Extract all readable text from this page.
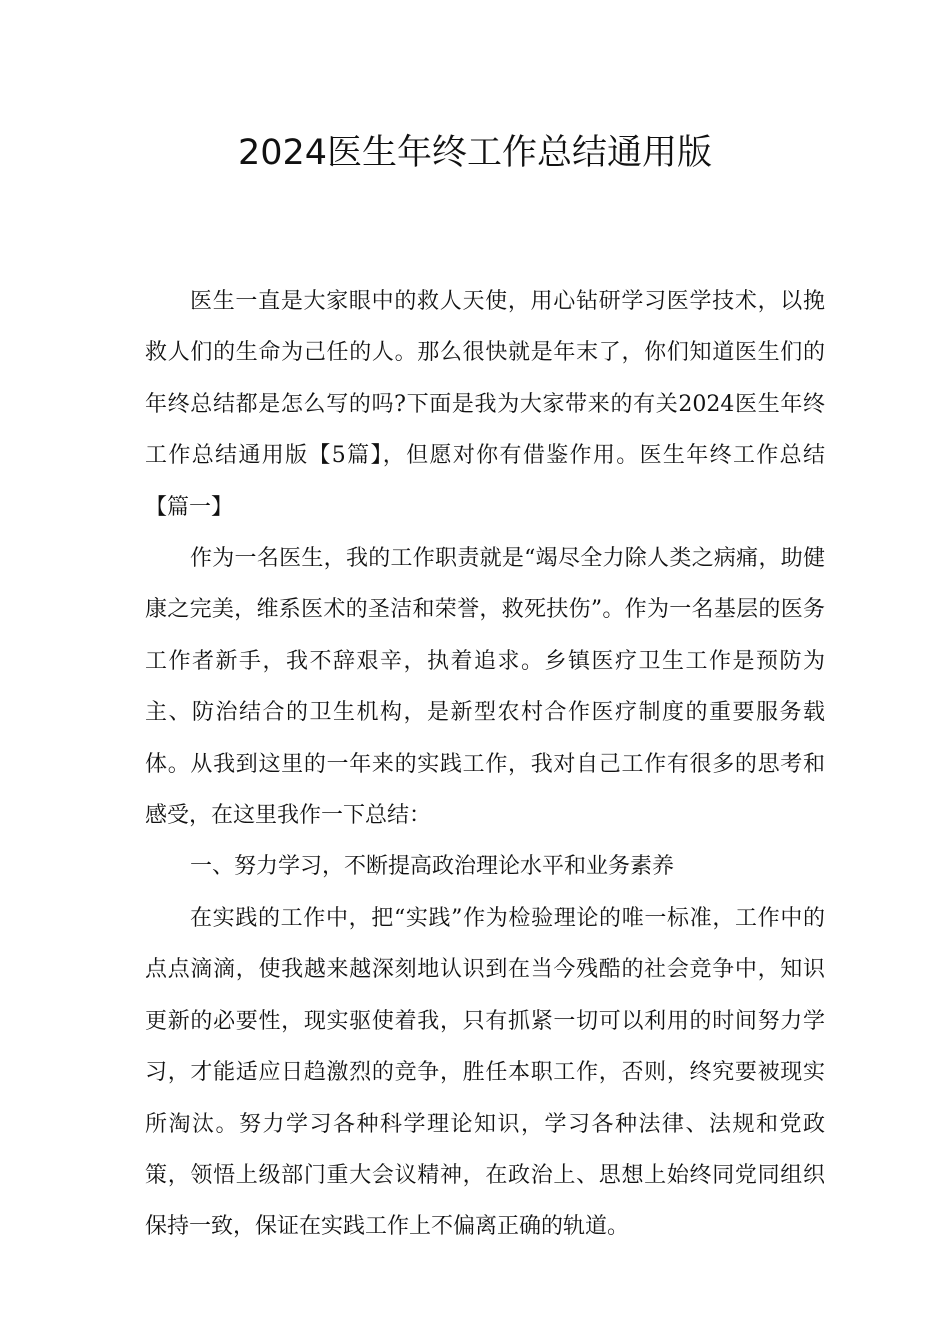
2024医生年终工作总结通用版

医生一直是大家眼中的救人天使，用心钻研学习医学技术，以挽救人们的生命为己任的人。那么很快就是年末了，你们知道医生们的年终总结都是怎么写的吗?下面是我为大家带来的有关2024医生年终工作总结通用版【5篇】，但愿对你有借鉴作用。医生年终工作总结【篇一】

作为一名医生，我的工作职责就是“竭尽全力除人类之病痛，助健康之完美，维系医术的圣洁和荣誉，救死扶伤”。作为一名基层的医务工作者新手，我不辞艰辛，执着追求。乡镇医疗卫生工作是预防为主、防治结合的卫生机构，是新型农村合作医疗制度的重要服务载体。从我到这里的一年来的实践工作，我对自己工作有很多的思考和感受，在这里我作一下总结：

一、努力学习，不断提高政治理论水平和业务素养

在实践的工作中，把“实践”作为检验理论的唯一标准，工作中的点点滴滴，使我越来越深刻地认识到在当今残酷的社会竞争中，知识更新的必要性，现实驱使着我，只有抓紧一切可以利用的时间努力学习，才能适应日趋激烈的竞争，胜任本职工作，否则，终究要被现实所淘汰。努力学习各种科学理论知识，学习各种法律、法规和党政策，领悟上级部门重大会议精神，在政治上、思想上始终同党同组织保持一致，保证在实践工作上不偏离正确的轨道。
